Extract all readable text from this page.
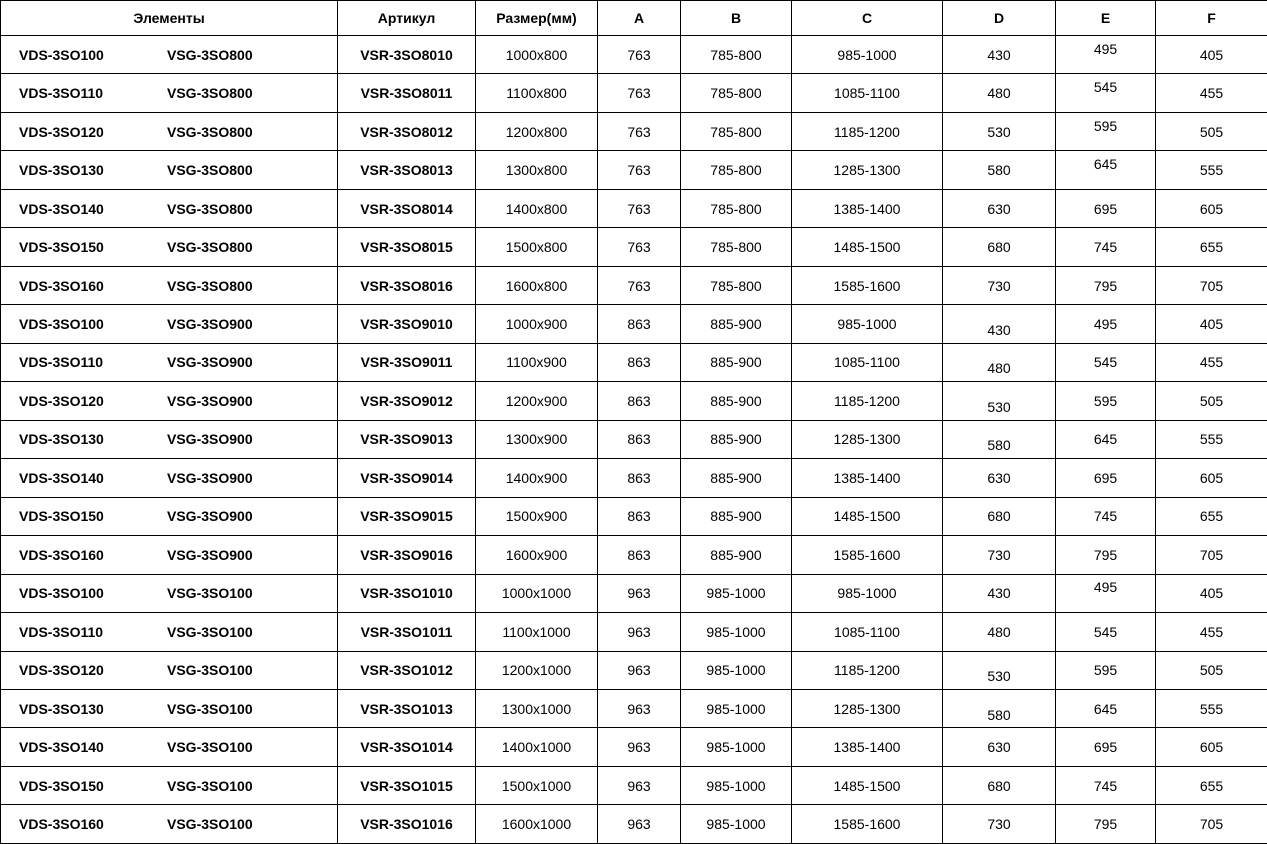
Элементы	Артикул	Размер(мм)	A	B	C	D	E	F

VDS-3SO100 VSG-3SO800	VSR-3SO8010	1000x800	763	785-800	985-1000	430	495	405

VDS-3SO110 VSG-3SO800	VSR-3SO8011	1100x800	763	785-800	1085-1100	480	545	455

VDS-3SO120 VSG-3SO800	VSR-3SO8012	1200x800	763	785-800	1185-1200	530	595	505

VDS-3SO130 VSG-3SO800	VSR-3SO8013	1300x800	763	785-800	1285-1300	580	645	555

VDS-3SO140 VSG-3SO800	VSR-3SO8014	1400x800	763	785-800	1385-1400	630	695	605

VDS-3SO150 VSG-3SO800	VSR-3SO8015	1500x800	763	785-800	1485-1500	680	745	655

VDS-3SO160 VSG-3SO800	VSR-3SO8016	1600x800	763	785-800	1585-1600	730	795	705

VDS-3SO100 VSG-3SO900	VSR-3SO9010	1000x900	863	885-900	985-1000	430	495	405

VDS-3SO110 VSG-3SO900	VSR-3SO9011	1100x900	863	885-900	1085-1100	480	545	455

VDS-3SO120 VSG-3SO900	VSR-3SO9012	1200x900	863	885-900	1185-1200	530	595	505

VDS-3SO130 VSG-3SO900	VSR-3SO9013	1300x900	863	885-900	1285-1300	580	645	555

VDS-3SO140 VSG-3SO900	VSR-3SO9014	1400x900	863	885-900	1385-1400	630	695	605

VDS-3SO150 VSG-3SO900	VSR-3SO9015	1500x900	863	885-900	1485-1500	680	745	655

VDS-3SO160 VSG-3SO900	VSR-3SO9016	1600x900	863	885-900	1585-1600	730	795	705

VDS-3SO100 VSG-3SO100	VSR-3SO1010	1000x1000	963	985-1000	985-1000	430	495	405

VDS-3SO110 VSG-3SO100	VSR-3SO1011	1100x1000	963	985-1000	1085-1100	480	545	455

VDS-3SO120 VSG-3SO100	VSR-3SO1012	1200x1000	963	985-1000	1185-1200	530	595	505

VDS-3SO130 VSG-3SO100	VSR-3SO1013	1300x1000	963	985-1000	1285-1300	580	645	555

VDS-3SO140 VSG-3SO100	VSR-3SO1014	1400x1000	963	985-1000	1385-1400	630	695	605

VDS-3SO150 VSG-3SO100	VSR-3SO1015	1500x1000	963	985-1000	1485-1500	680	745	655

VDS-3SO160 VSG-3SO100	VSR-3SO1016	1600x1000	963	985-1000	1585-1600	730	795	705
